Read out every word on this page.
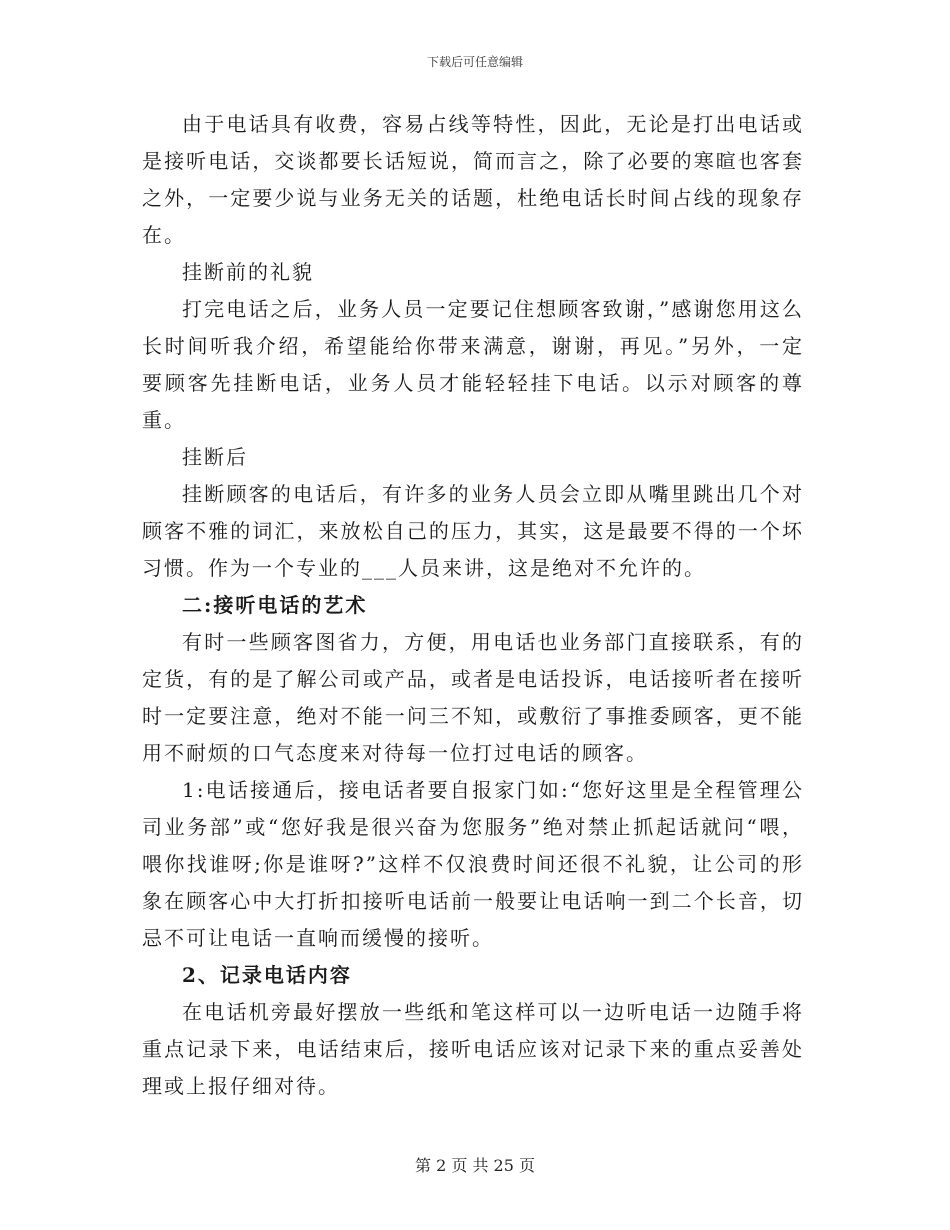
下载后可任意编辑

由于电话具有收费，容易占线等特性，因此，无论是打出电话或是接听电话，交谈都要长话短说，简而言之，除了必要的寒暄也客套之外，一定要少说与业务无关的话题，杜绝电话长时间占线的现象存在。

挂断前的礼貌

打完电话之后，业务人员一定要记住想顾客致谢，”感谢您用这么长时间听我介绍，希望能给你带来满意，谢谢，再见。”另外，一定要顾客先挂断电话，业务人员才能轻轻挂下电话。以示对顾客的尊重。

挂断后

挂断顾客的电话后，有许多的业务人员会立即从嘴里跳出几个对顾客不雅的词汇，来放松自己的压力，其实，这是最要不得的一个坏习惯。作为一个专业的___人员来讲，这是绝对不允许的。

二:接听电话的艺术

有时一些顾客图省力，方便，用电话也业务部门直接联系，有的定货，有的是了解公司或产品，或者是电话投诉，电话接听者在接听时一定要注意，绝对不能一问三不知，或敷衍了事推委顾客，更不能用不耐烦的口气态度来对待每一位打过电话的顾客。

1:电话接通后，接电话者要自报家门如:“您好这里是全程管理公司业务部”或“您好我是很兴奋为您服务”绝对禁止抓起话就问“喂，喂你找谁呀;你是谁呀?”这样不仅浪费时间还很不礼貌，让公司的形象在顾客心中大打折扣接听电话前一般要让电话响一到二个长音，切忌不可让电话一直响而缓慢的接听。

2、记录电话内容

在电话机旁最好摆放一些纸和笔这样可以一边听电话一边随手将重点记录下来，电话结束后，接听电话应该对记录下来的重点妥善处理或上报仔细对待。

第 2 页 共 25 页
